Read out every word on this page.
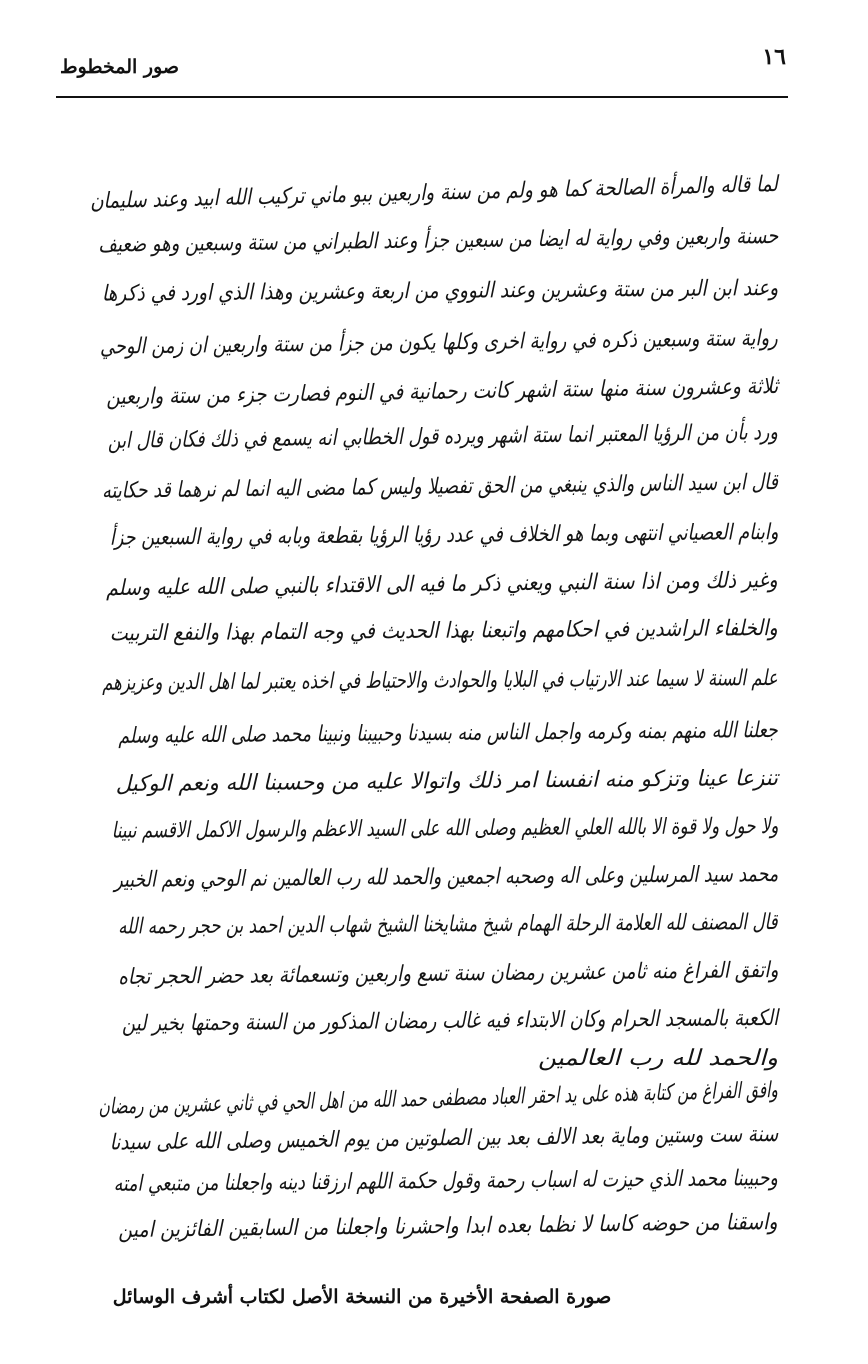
١٦
صور المخطوط
لما قاله والمرأة الصالحة كما هو ولم من سنة واربعين ببو ماني تركيب الله ابيد وعند سليمان
حسنة واربعين وفي رواية له ايضا من سبعين جزأ وعند الطبراني من ستة وسبعين وهو ضعيف
وعند ابن البر من ستة وعشرين وعند النووي من اربعة وعشرين وهذا الذي اورد في ذكرها
رواية ستة وسبعين ذكره في رواية اخرى وكلها يكون من جزأ من ستة واربعين ان زمن الوحي
ثلاثة وعشرون سنة منها ستة اشهر كانت رحمانية في النوم فصارت جزء من ستة واربعين
ورد بأن من الرؤيا المعتبر انما ستة اشهر ويرده قول الخطابي انه يسمع في ذلك فكان قال ابن
قال ابن سيد الناس والذي ينبغي من الحق تفصيلا وليس كما مضى اليه انما لم نرهما قد حكايته
وابنام العصياني انتهى وبما هو الخلاف في عدد رؤيا الرؤيا بقطعة وبابه في رواية السبعين جزأ
وغير ذلك ومن اذا سنة النبي ويعني ذكر ما فيه الى الاقتداء بالنبي صلى الله عليه وسلم
والخلفاء الراشدين في احكامهم واتبعنا بهذا الحديث في وجه التمام بهذا والنفع التربيت
علم السنة لا سيما عند الارتياب في البلايا والحوادث والاحتياط في اخذه يعتبر لما اهل الدين وعزيزهم
جعلنا الله منهم بمنه وكرمه واجمل الناس منه بسيدنا وحبيبنا ونبينا محمد صلى الله عليه وسلم
تنزعا عينا وتزكو منه انفسنا امر ذلك واتوالا عليه من وحسبنا الله ونعم الوكيل
ولا حول ولا قوة الا بالله العلي العظيم وصلى الله على السيد الاعظم والرسول الاكمل الاقسم نبينا
محمد سيد المرسلين وعلى اله وصحبه اجمعين والحمد لله رب العالمين نم الوحي ونعم الخبير
قال المصنف لله العلامة الرحلة الهمام شيخ مشايخنا الشيخ شهاب الدين احمد بن حجر رحمه الله
واتفق الفراغ منه ثامن عشرين رمضان سنة تسع واربعين وتسعمائة بعد حضر الحجر تجاه
الكعبة بالمسجد الحرام وكان الابتداء فيه غالب رمضان المذكور من السنة وحمتها بخير لين
والحمد لله رب العالمين
وافق الفراغ من كتابة هذه على يد احقر العباد مصطفى حمد الله من اهل الحي في ثاني عشرين من رمضان
سنة ست وستين وماية بعد الالف بعد بين الصلوتين من يوم الخميس وصلى الله على سيدنا
وحبيبنا محمد الذي حيزت له اسباب رحمة وقول حكمة اللهم ارزقنا دينه واجعلنا من متبعي امته
واسقنا من حوضه كاسا لا نظما بعده ابدا واحشرنا واجعلنا من السابقين الفائزين امين
صورة الصفحة الأخيرة من النسخة الأصل لكتاب أشرف الوسائل
